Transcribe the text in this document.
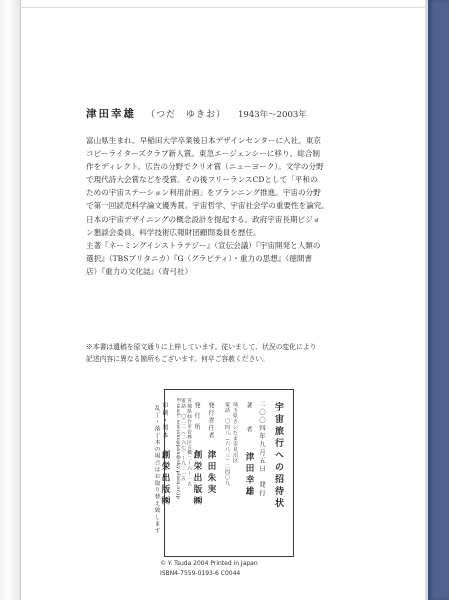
津田幸雄 （つだ　ゆきお） 1943年〜2003年
富山県生まれ。早稲田大学卒業後日本デザインセンターに入社。東京
コピーライターズクラブ新人賞。東急エージェンシーに移り、総合制
作をディレクト。広告の分野でクリオ賞（ニューヨーク）。文学の分野
で現代詩大会賞などを受賞。その後フリーランスCDとして「平和の
ための宇宙ステーション利用計画」をプランニング推進。宇宙の分野
で第一回読売科学論文優秀賞。宇宙哲学、宇宙社会学の重要性を論究。
日本の宇宙デザイニングの概念設計を提起する。政府宇宙長期ビジョ
ン懇談会委員、科学技術広報財団顧問委員を歴任。
主著『ネーミングインストラテジー』（宣伝会議）『宇宙開発と人類の
選択』（TBSブリタニカ）『G（グラビティ）・重力の思想』（徳間書
店）『重力の文化誌』（青弓社）
※本書は遺稿を原文通りに上梓しています。従いまして、状況の変化により
記述内容に異なる箇所もございます。何卒ご容赦ください。
乱丁・落丁本の場合はお取り替え致します	宇宙旅行への招待状
二〇〇四年九月五日　発行
著　者
津田幸雄
埼玉県さいたま市見沼区
電話　〇四八（六八三）二四〇九
発行責任者
津田朱実
発 行 所
創栄出版㈱
宮城県仙台市若林区五橋二ー六ー一五
電話　〇二二（二六七）ー九二一五
E-mail: soeishuppan@sky.plala.or.jp
印刷・製本
創栄出版㈱
© Y. Tsuda 2004 Printed in Japan
ISBN4-7559-0193-6 C0044
